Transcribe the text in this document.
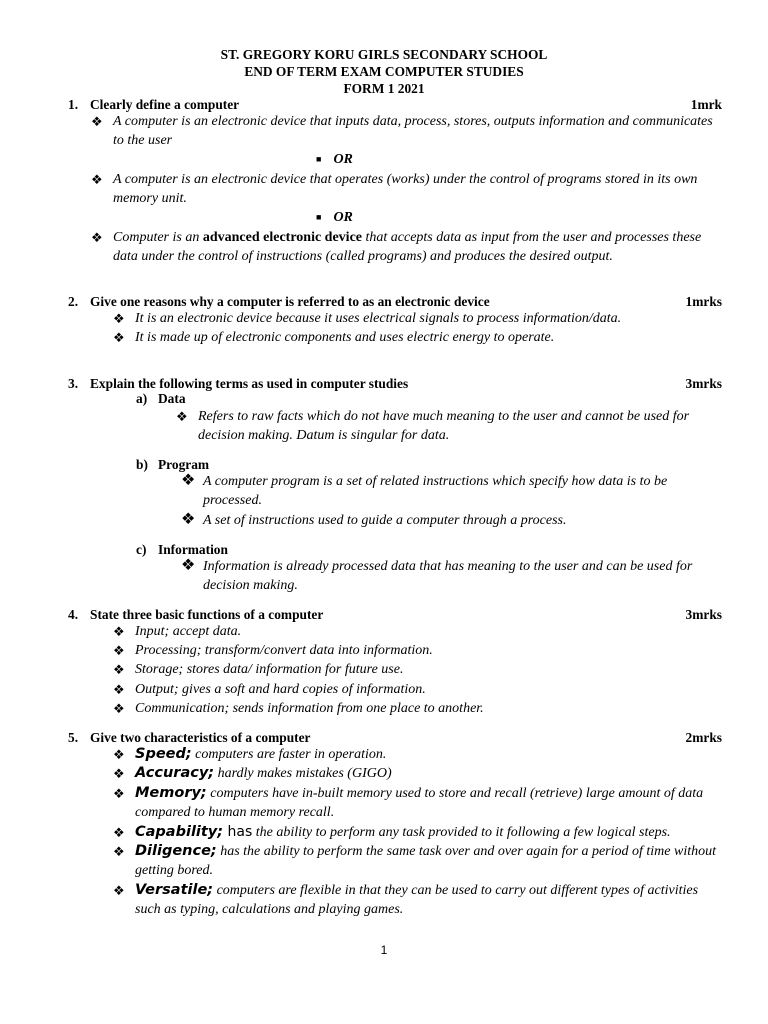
ST. GREGORY KORU GIRLS SECONDARY SCHOOL
END OF TERM EXAM COMPUTER STUDIES
FORM 1 2021
1. Clearly define a computer	1mrk
❖ A computer is an electronic device that inputs data, process, stores, outputs information and communicates to the user
■ OR
❖ A computer is an electronic device that operates (works) under the control of programs stored in its own memory unit.
■ OR
❖ Computer is an advanced electronic device that accepts data as input from the user and processes these data under the control of instructions (called programs) and produces the desired output.
2. Give one reasons why a computer is referred to as an electronic device	1mrks
❖ It is an electronic device because it uses electrical signals to process information/data.
❖ It is made up of electronic components and uses electric energy to operate.
3. Explain the following terms as used in computer studies	3mrks
a) Data
❖ Refers to raw facts which do not have much meaning to the user and cannot be used for decision making. Datum is singular for data.
b) Program
❖ A computer program is a set of related instructions which specify how data is to be processed.
❖ A set of instructions used to guide a computer through a process.
c) Information
❖ Information is already processed data that has meaning to the user and can be used for decision making.
4. State three basic functions of a computer	3mrks
❖ Input; accept data.
❖ Processing; transform/convert data into information.
❖ Storage; stores data/ information for future use.
❖ Output; gives a soft and hard copies of information.
❖ Communication; sends information from one place to another.
5. Give two characteristics of a computer	2mrks
❖ Speed; computers are faster in operation.
❖ Accuracy; hardly makes mistakes (GIGO)
❖ Memory; computers have in-built memory used to store and recall (retrieve) large amount of data compared to human memory recall.
❖ Capability; has the ability to perform any task provided to it following a few logical steps.
❖ Diligence; has the ability to perform the same task over and over again for a period of time without getting bored.
❖ Versatile; computers are flexible in that they can be used to carry out different types of activities such as typing, calculations and playing games.
1
